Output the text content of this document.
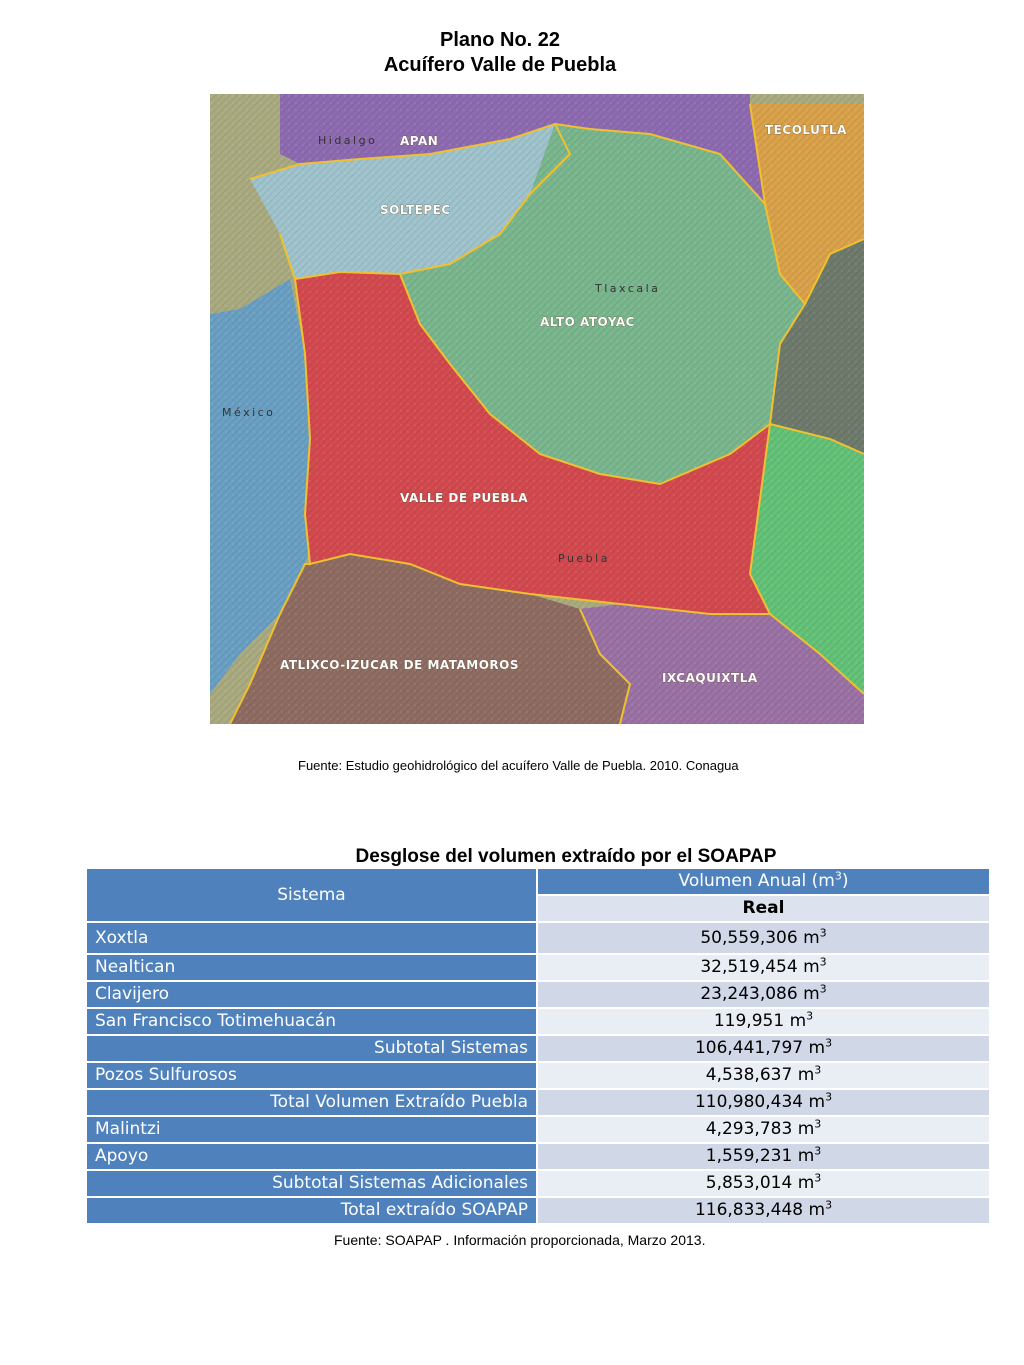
Plano No. 22
Acuífero Valle de Puebla
Hidalgo APAN
TECOLUTLA
SOLTEPEC
Tlaxcala
ALTO ATOYAC
México
VALLE DE PUEBLA
Puebla
ATLIXCO-IZUCAR DE MATAMOROS
IXCAQUIXTLA
Fuente: Estudio geohidrológico del acuífero Valle de Puebla. 2010. Conagua
Desglose del volumen extraído por el SOAPAP
Sistema	Volumen Anual $(m^3)$
	Real
Xoxtla	50,559,306 $m^3$
Nealtican	32,519,454 $m^3$
Clavijero	23,243,086 $m^3$
San Francisco Totimehuacán	119,951 $m^3$
Subtotal Sistemas	106,441,797 $m^3$
Pozos Sulfurosos	4,538,637 $m^3$
Total Volumen Extraído Puebla	110,980,434 $m^3$
Malintzi	4,293,783 $m^3$
Apoyo	1,559,231 $m^3$
Subtotal Sistemas Adicionales	5,853,014 $m^3$
Total extraído SOAPAP	116,833,448 $m^3$
Fuente: SOAPAP . Información proporcionada, Marzo 2013.
